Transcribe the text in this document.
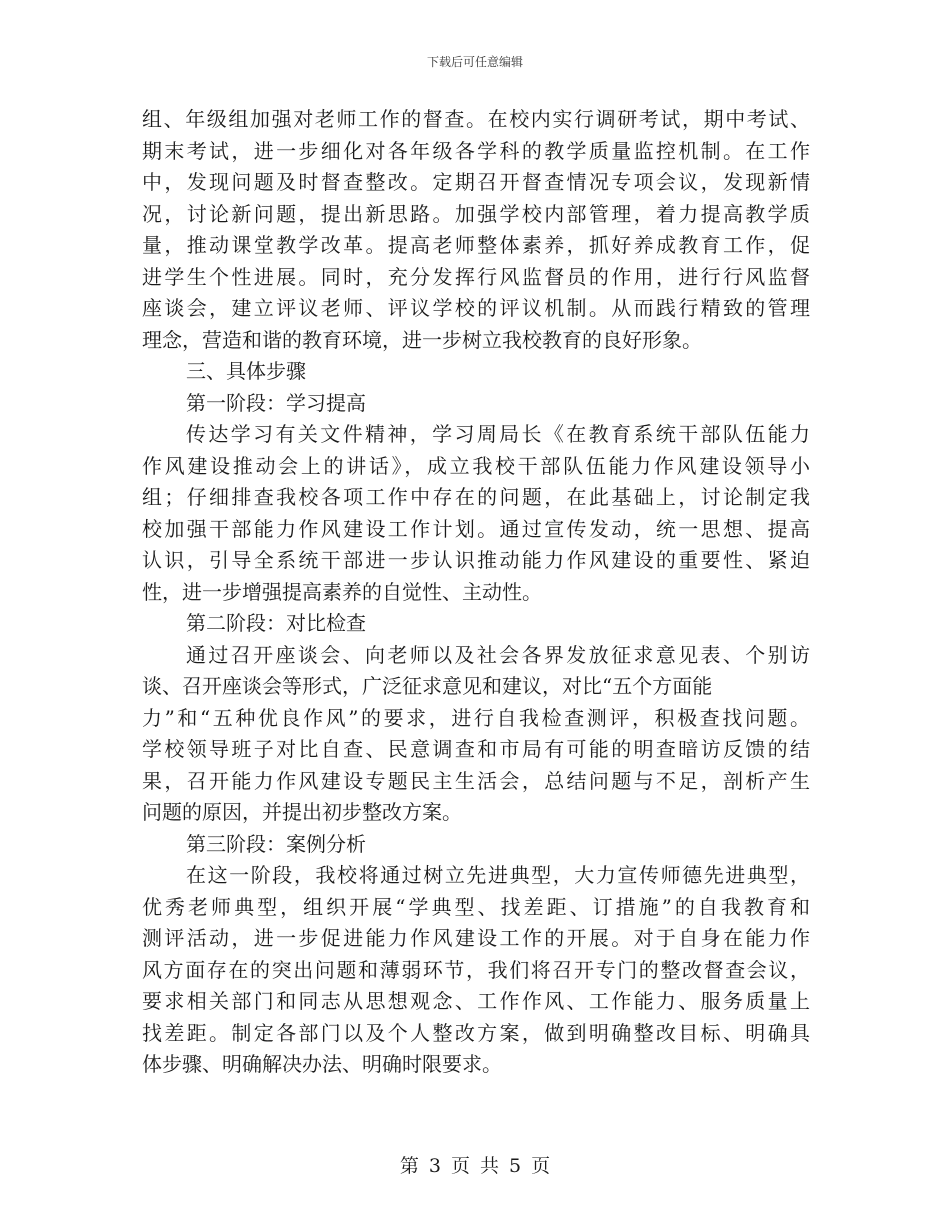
下载后可任意编辑
组、年级组加强对老师工作的督查。在校内实行调研考试，期中考试、
期末考试，进一步细化对各年级各学科的教学质量监控机制。在工作
中，发现问题及时督查整改。定期召开督查情况专项会议，发现新情
况，讨论新问题，提出新思路。加强学校内部管理，着力提高教学质
量，推动课堂教学改革。提高老师整体素养，抓好养成教育工作，促
进学生个性进展。同时，充分发挥行风监督员的作用，进行行风监督
座谈会，建立评议老师、评议学校的评议机制。从而践行精致的管理
理念，营造和谐的教育环境，进一步树立我校教育的良好形象。
三、具体步骤
第一阶段：学习提高
传达学习有关文件精神，学习周局长《在教育系统干部队伍能力
作风建设推动会上的讲话》，成立我校干部队伍能力作风建设领导小
组；仔细排查我校各项工作中存在的问题，在此基础上，讨论制定我
校加强干部能力作风建设工作计划。通过宣传发动，统一思想、提高
认识，引导全系统干部进一步认识推动能力作风建设的重要性、紧迫
性，进一步增强提高素养的自觉性、主动性。
第二阶段：对比检查
通过召开座谈会、向老师以及社会各界发放征求意见表、个别访
谈、召开座谈会等形式，广泛征求意见和建议，对比“五个方面能
力”和“五种优良作风”的要求，进行自我检查测评，积极查找问题。
学校领导班子对比自查、民意调查和市局有可能的明查暗访反馈的结
果，召开能力作风建设专题民主生活会，总结问题与不足，剖析产生
问题的原因，并提出初步整改方案。
第三阶段：案例分析
在这一阶段，我校将通过树立先进典型，大力宣传师德先进典型，
优秀老师典型，组织开展“学典型、找差距、订措施”的自我教育和
测评活动，进一步促进能力作风建设工作的开展。对于自身在能力作
风方面存在的突出问题和薄弱环节，我们将召开专门的整改督查会议，
要求相关部门和同志从思想观念、工作作风、工作能力、服务质量上
找差距。制定各部门以及个人整改方案，做到明确整改目标、明确具
体步骤、明确解决办法、明确时限要求。
第 3 页 共 5 页
